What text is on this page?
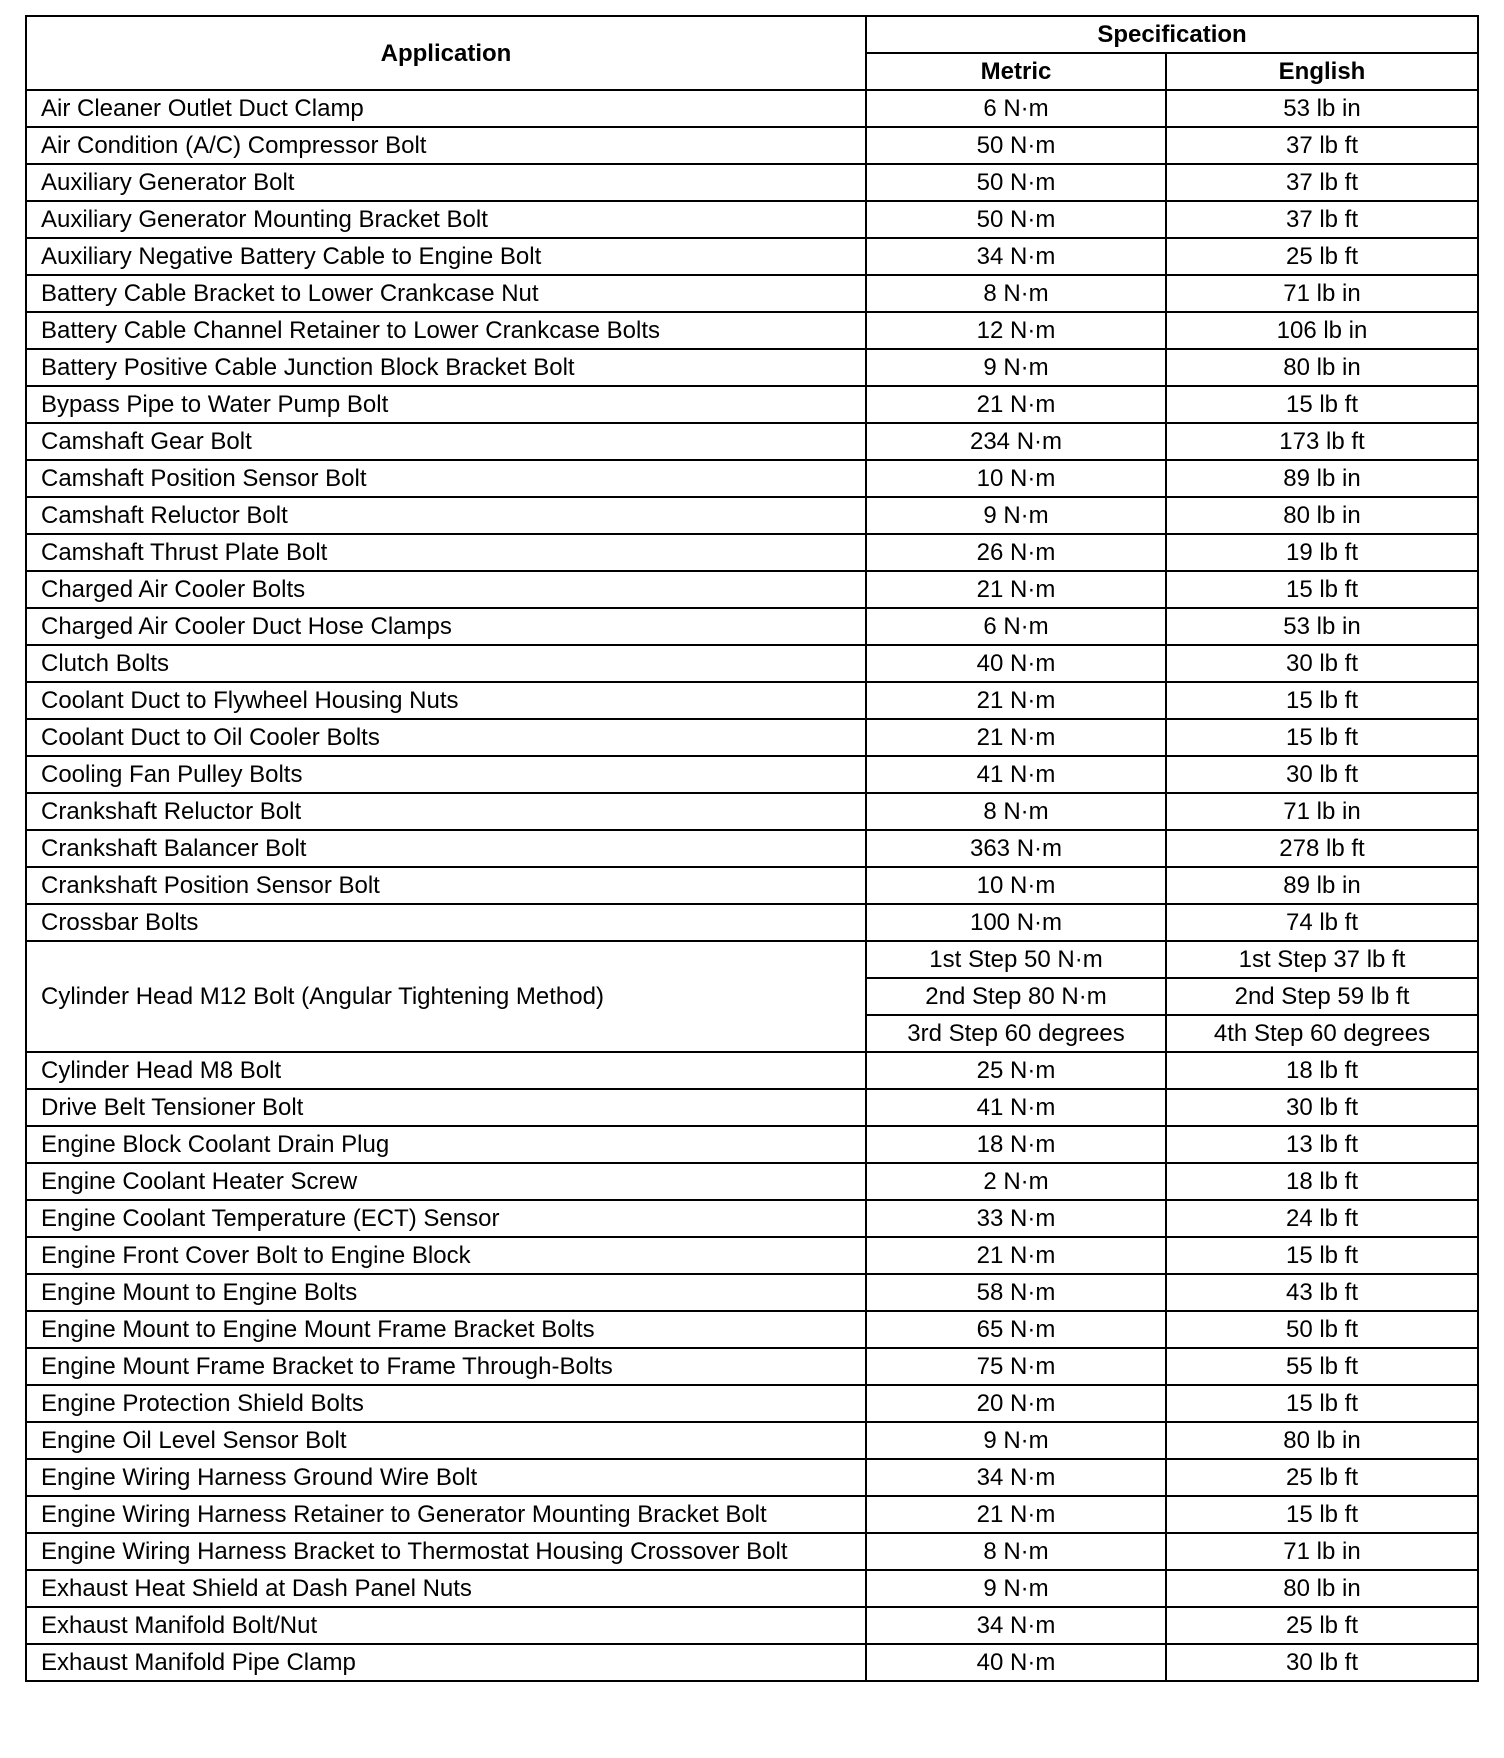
Application	Specification	
	Metric	English
Air Cleaner Outlet Duct Clamp	6 N·m	53 lb in
Air Condition (A/C) Compressor Bolt	50 N·m	37 lb ft
Auxiliary Generator Bolt	50 N·m	37 lb ft
Auxiliary Generator Mounting Bracket Bolt	50 N·m	37 lb ft
Auxiliary Negative Battery Cable to Engine Bolt	34 N·m	25 lb ft
Battery Cable Bracket to Lower Crankcase Nut	8 N·m	71 lb in
Battery Cable Channel Retainer to Lower Crankcase Bolts	12 N·m	106 lb in
Battery Positive Cable Junction Block Bracket Bolt	9 N·m	80 lb in
Bypass Pipe to Water Pump Bolt	21 N·m	15 lb ft
Camshaft Gear Bolt	234 N·m	173 lb ft
Camshaft Position Sensor Bolt	10 N·m	89 lb in
Camshaft Reluctor Bolt	9 N·m	80 lb in
Camshaft Thrust Plate Bolt	26 N·m	19 lb ft
Charged Air Cooler Bolts	21 N·m	15 lb ft
Charged Air Cooler Duct Hose Clamps	6 N·m	53 lb in
Clutch Bolts	40 N·m	30 lb ft
Coolant Duct to Flywheel Housing Nuts	21 N·m	15 lb ft
Coolant Duct to Oil Cooler Bolts	21 N·m	15 lb ft
Cooling Fan Pulley Bolts	41 N·m	30 lb ft
Crankshaft Reluctor Bolt	8 N·m	71 lb in
Crankshaft Balancer Bolt	363 N·m	278 lb ft
Crankshaft Position Sensor Bolt	10 N·m	89 lb in
Crossbar Bolts	100 N·m	74 lb ft
Cylinder Head M12 Bolt (Angular Tightening Method)	1st Step 50 N·m	1st Step 37 lb ft
	2nd Step 80 N·m	2nd Step 59 lb ft
	3rd Step 60 degrees	4th Step 60 degrees
Cylinder Head M8 Bolt	25 N·m	18 lb ft
Drive Belt Tensioner Bolt	41 N·m	30 lb ft
Engine Block Coolant Drain Plug	18 N·m	13 lb ft
Engine Coolant Heater Screw	2 N·m	18 lb ft
Engine Coolant Temperature (ECT) Sensor	33 N·m	24 lb ft
Engine Front Cover Bolt to Engine Block	21 N·m	15 lb ft
Engine Mount to Engine Bolts	58 N·m	43 lb ft
Engine Mount to Engine Mount Frame Bracket Bolts	65 N·m	50 lb ft
Engine Mount Frame Bracket to Frame Through-Bolts	75 N·m	55 lb ft
Engine Protection Shield Bolts	20 N·m	15 lb ft
Engine Oil Level Sensor Bolt	9 N·m	80 lb in
Engine Wiring Harness Ground Wire Bolt	34 N·m	25 lb ft
Engine Wiring Harness Retainer to Generator Mounting Bracket Bolt	21 N·m	15 lb ft
Engine Wiring Harness Bracket to Thermostat Housing Crossover Bolt	8 N·m	71 lb in
Exhaust Heat Shield at Dash Panel Nuts	9 N·m	80 lb in
Exhaust Manifold Bolt/Nut	34 N·m	25 lb ft
Exhaust Manifold Pipe Clamp	40 N·m	30 lb ft
